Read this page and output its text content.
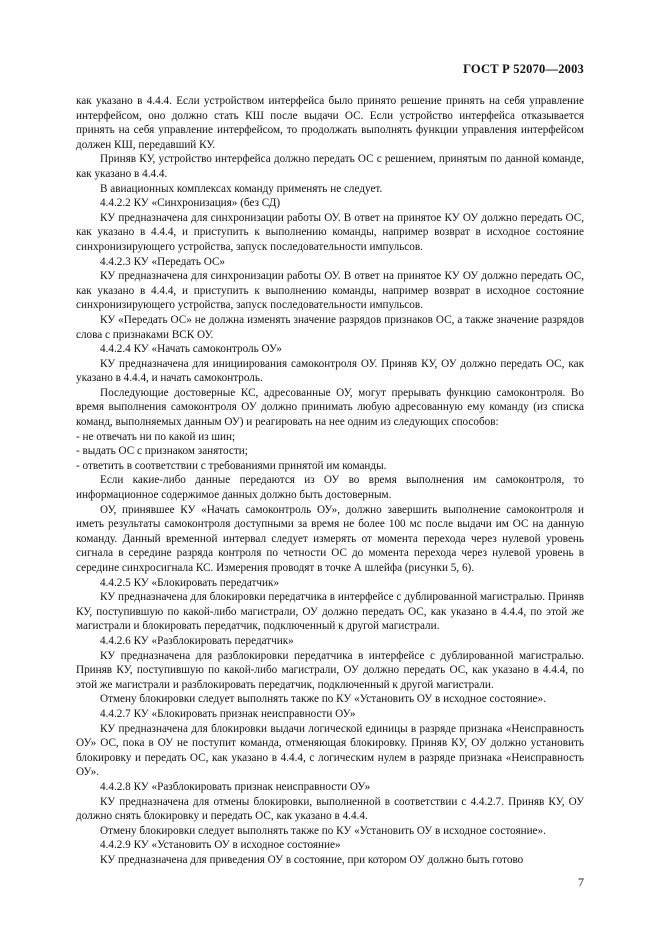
ГОСТ Р 52070—2003

как указано в 4.4.4. Если устройством интерфейса было принято решение принять на себя управление интерфейсом, оно должно стать КШ после выдачи ОС. Если устройство интерфейса отказывается принять на себя управление интерфейсом, то продолжать выполнять функции управления интерфейсом должен КШ, передавший КУ.

Приняв КУ, устройство интерфейса должно передать ОС с решением, принятым по данной команде, как указано в 4.4.4.

В авиационных комплексах команду применять не следует.

4.4.2.2 КУ «Синхронизация» (без СД)

КУ предназначена для синхронизации работы ОУ. В ответ на принятое КУ ОУ должно передать ОС, как указано в 4.4.4, и приступить к выполнению команды, например возврат в исходное состояние синхронизирующего устройства, запуск последовательности импульсов.

4.4.2.3 КУ «Передать ОС»

КУ предназначена для синхронизации работы ОУ. В ответ на принятое КУ ОУ должно передать ОС, как указано в 4.4.4, и приступить к выполнению команды, например возврат в исходное состояние синхронизирующего устройства, запуск последовательности импульсов.

КУ «Передать ОС» не должна изменять значение разрядов признаков ОС, а также значение разрядов слова с признаками ВСК ОУ.

4.4.2.4 КУ «Начать самоконтроль ОУ»

КУ предназначена для инициирования самоконтроля ОУ. Приняв КУ, ОУ должно передать ОС, как указано в 4.4.4, и начать самоконтроль.

Последующие достоверные КС, адресованные ОУ, могут прерывать функцию самоконтроля. Во время выполнения самоконтроля ОУ должно принимать любую адресованную ему команду (из списка команд, выполняемых данным ОУ) и реагировать на нее одним из следующих способов:

- не отвечать ни по какой из шин;

- выдать ОС с признаком занятости;

- ответить в соответствии с требованиями принятой им команды.

Если какие-либо данные передаются из ОУ во время выполнения им самоконтроля, то информационное содержимое данных должно быть достоверным.

ОУ, принявшее КУ «Начать самоконтроль ОУ», должно завершить выполнение самоконтроля и иметь результаты самоконтроля доступными за время не более 100 мс после выдачи им ОС на данную команду. Данный временной интервал следует измерять от момента перехода через нулевой уровень сигнала в середине разряда контроля по четности ОС до момента перехода через нулевой уровень в середине синхросигнала КС. Измерения проводят в точке А шлейфа (рисунки 5, 6).

4.4.2.5 КУ «Блокировать передатчик»

КУ предназначена для блокировки передатчика в интерфейсе с дублированной магистралью. Приняв КУ, поступившую по какой-либо магистрали, ОУ должно передать ОС, как указано в 4.4.4, по этой же магистрали и блокировать передатчик, подключенный к другой магистрали.

4.4.2.6 КУ «Разблокировать передатчик»

КУ предназначена для разблокировки передатчика в интерфейсе с дублированной магистралью. Приняв КУ, поступившую по какой-либо магистрали, ОУ должно передать ОС, как указано в 4.4.4, по этой же магистрали и разблокировать передатчик, подключенный к другой магистрали.

Отмену блокировки следует выполнять также по КУ «Установить ОУ в исходное состояние».

4.4.2.7 КУ «Блокировать признак неисправности ОУ»

КУ предназначена для блокировки выдачи логической единицы в разряде признака «Неисправность ОУ» ОС, пока в ОУ не поступит команда, отменяющая блокировку. Приняв КУ, ОУ должно установить блокировку и передать ОС, как указано в 4.4.4, с логическим нулем в разряде признака «Неисправность ОУ».

4.4.2.8 КУ «Разблокировать признак неисправности ОУ»

КУ предназначена для отмены блокировки, выполненной в соответствии с 4.4.2.7. Приняв КУ, ОУ должно снять блокировку и передать ОС, как указано в 4.4.4.

Отмену блокировки следует выполнять также по КУ «Установить ОУ в исходное состояние».

4.4.2.9 КУ «Установить ОУ в исходное состояние»

КУ предназначена для приведения ОУ в состояние, при котором ОУ должно быть готово

7
